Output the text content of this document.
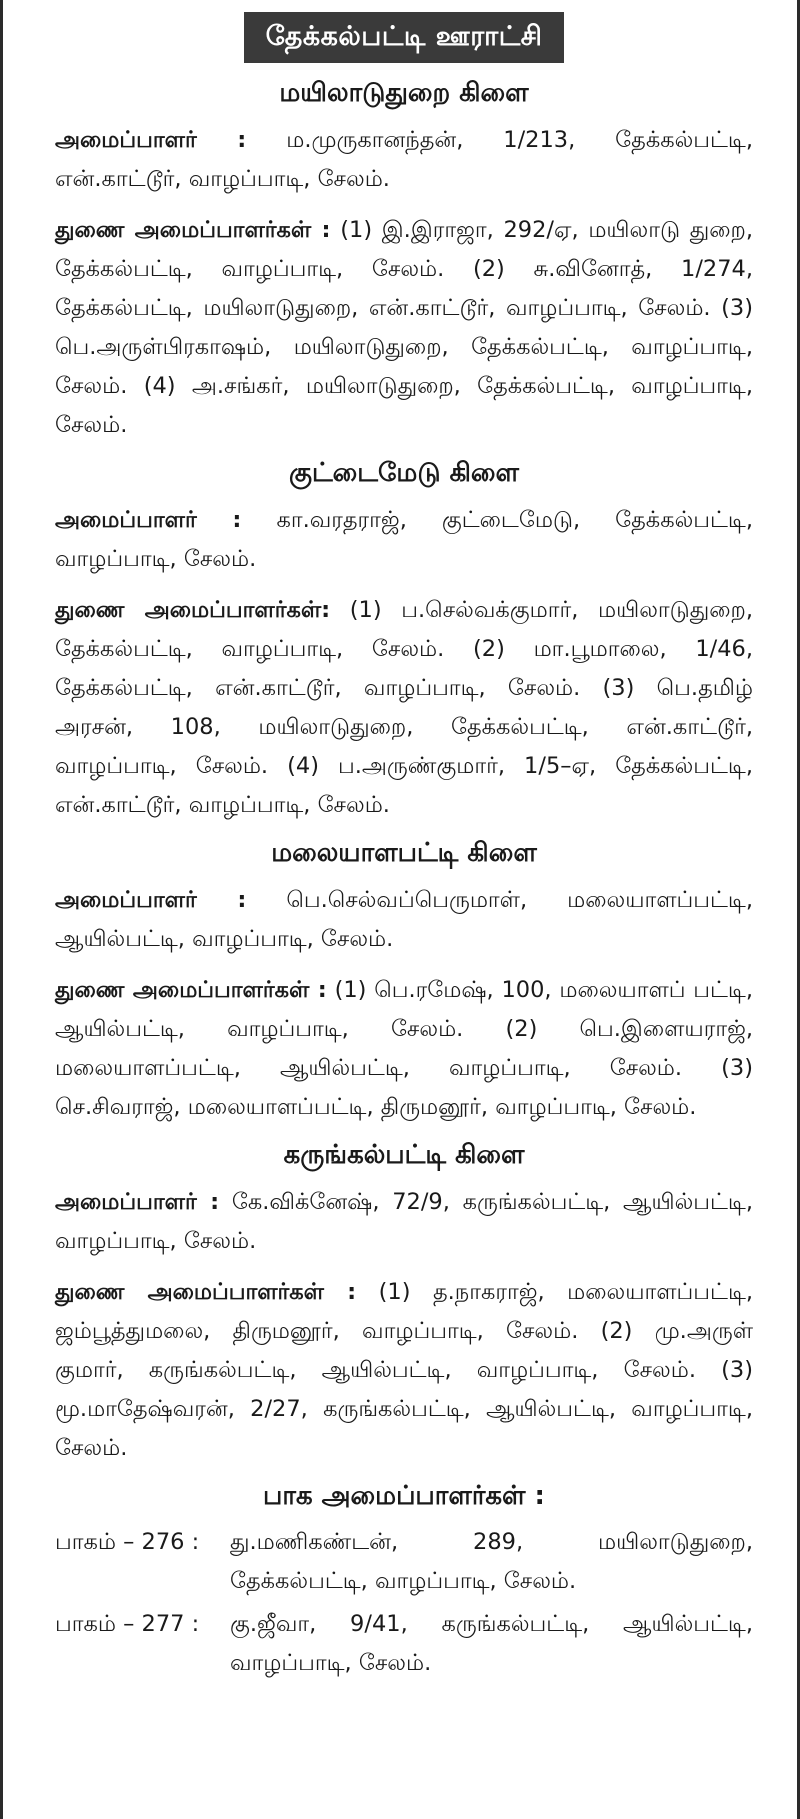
தேக்கல்பட்டி ஊராட்சி
மயிலாடுதுறை கிளை

அமைப்பாளர் : ம.முருகானந்தன், 1/213, தேக்கல்பட்டி, என்.காட்டூர், வாழப்பாடி, சேலம்.

துணை அமைப்பாளர்கள் : (1) இ.இராஜா, 292/ஏ, மயிலாடு துறை, தேக்கல்பட்டி, வாழப்பாடி, சேலம். (2) சு.வினோத், 1/274, தேக்கல்பட்டி, மயிலாடுதுறை, என்.காட்டூர், வாழப்பாடி, சேலம். (3) பெ.அருள்பிரகாஷம், மயிலாடுதுறை, தேக்கல்பட்டி, வாழப்பாடி, சேலம். (4) அ.சங்கர், மயிலாடுதுறை, தேக்கல்பட்டி, வாழப்பாடி, சேலம்.

குட்டைமேடு கிளை

அமைப்பாளர் : கா.வரதராஜ், குட்டைமேடு, தேக்கல்பட்டி, வாழப்பாடி, சேலம்.

துணை அமைப்பாளர்கள்: (1) ப.செல்வக்குமார், மயிலாடுதுறை, தேக்கல்பட்டி, வாழப்பாடி, சேலம். (2) மா.பூமாலை, 1/46, தேக்கல்பட்டி, என்.காட்டூர், வாழப்பாடி, சேலம். (3) பெ.தமிழ் அரசன், 108, மயிலாடுதுறை, தேக்கல்பட்டி, என்.காட்டூர், வாழப்பாடி, சேலம். (4) ப.அருண்குமார், 1/5–ஏ, தேக்கல்பட்டி, என்.காட்டூர், வாழப்பாடி, சேலம்.

மலையாளபட்டி கிளை

அமைப்பாளர் : பெ.செல்வப்பெருமாள், மலையாளப்பட்டி, ஆயில்பட்டி, வாழப்பாடி, சேலம்.

துணை அமைப்பாளர்கள் : (1) பெ.ரமேஷ், 100, மலையாளப் பட்டி, ஆயில்பட்டி, வாழப்பாடி, சேலம். (2) பெ.இளையராஜ், மலையாளப்பட்டி, ஆயில்பட்டி, வாழப்பாடி, சேலம். (3) செ.சிவராஜ், மலையாளப்பட்டி, திருமனூர், வாழப்பாடி, சேலம்.

கருங்கல்பட்டி கிளை

அமைப்பாளர் : கே.விக்னேஷ், 72/9, கருங்கல்பட்டி, ஆயில்பட்டி, வாழப்பாடி, சேலம்.

துணை அமைப்பாளர்கள் : (1) த.நாகராஜ், மலையாளப்பட்டி, ஜம்பூத்துமலை, திருமனூர், வாழப்பாடி, சேலம். (2) மு.அருள் குமார், கருங்கல்பட்டி, ஆயில்பட்டி, வாழப்பாடி, சேலம். (3) மூ.மாதேஷ்வரன், 2/27, கருங்கல்பட்டி, ஆயில்பட்டி, வாழப்பாடி, சேலம்.

பாக அமைப்பாளர்கள் :
பாகம் – 276 :	து.மணிகண்டன், 289, மயிலாடுதுறை, தேக்கல்பட்டி, வாழப்பாடி, சேலம்.
பாகம் – 277 :	கு.ஜீவா, 9/41, கருங்கல்பட்டி, ஆயில்பட்டி, வாழப்பாடி, சேலம்.
